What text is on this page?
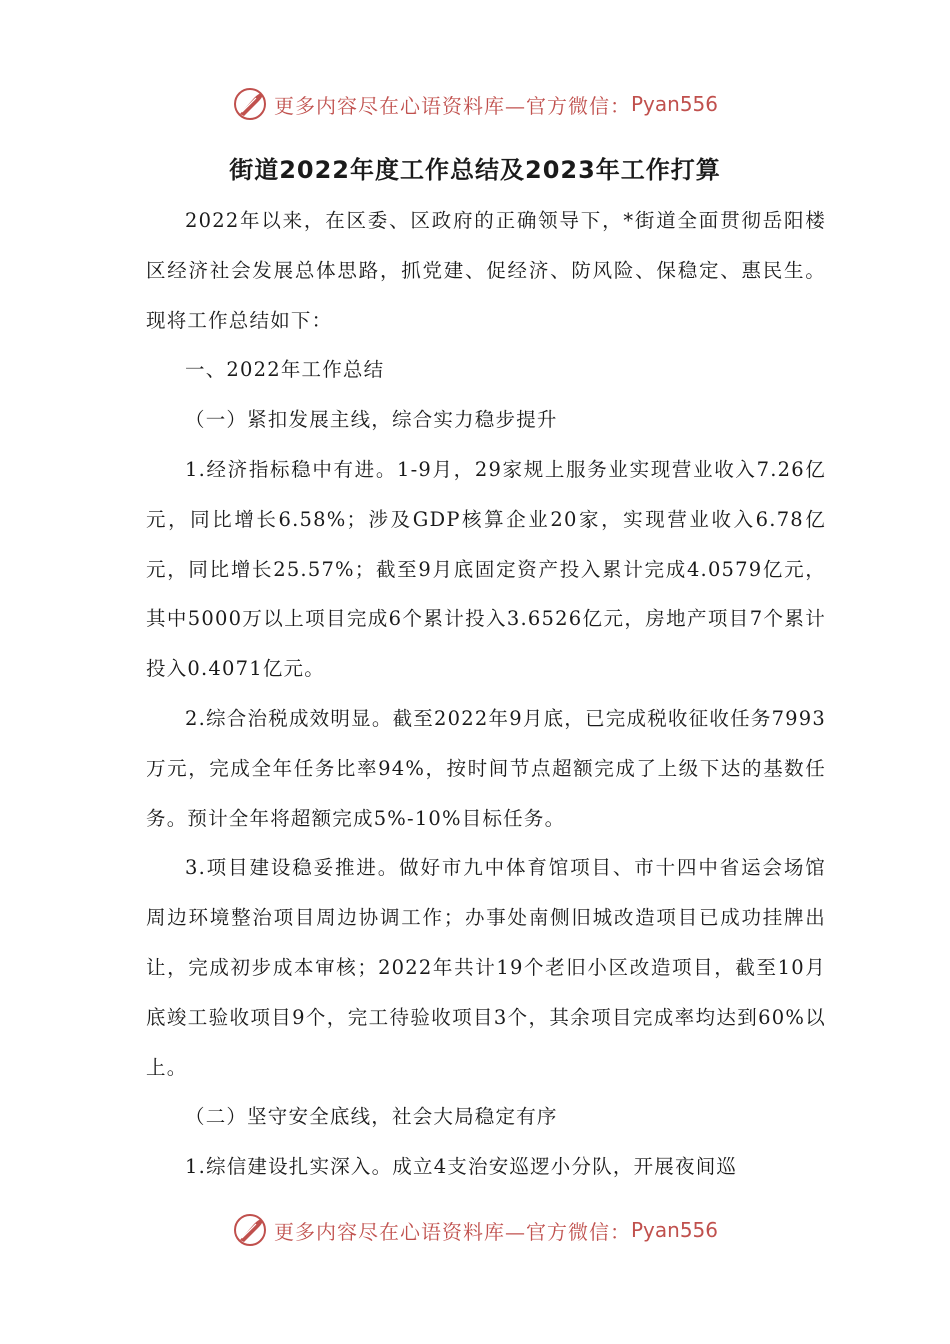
更多内容尽在心语资料库—官方微信： Pyan556
街道2022年度工作总结及2023年工作打算

2022年以来，在区委、区政府的正确领导下，*街道全面贯彻岳阳楼区经济社会发展总体思路，抓党建、促经济、防风险、保稳定、惠民生。现将工作总结如下：

一、2022年工作总结

（一）紧扣发展主线，综合实力稳步提升

1.经济指标稳中有进。1-9月，29家规上服务业实现营业收入7.26亿元，同比增长6.58%；涉及GDP核算企业20家，实现营业收入6.78亿元，同比增长25.57%；截至9月底固定资产投入累计完成4.0579亿元，其中5000万以上项目完成6个累计投入3.6526亿元，房地产项目7个累计投入0.4071亿元。

2.综合治税成效明显。截至2022年9月底，已完成税收征收任务7993万元，完成全年任务比率94%，按时间节点超额完成了上级下达的基数任务。预计全年将超额完成5%-10%目标任务。

3.项目建设稳妥推进。做好市九中体育馆项目、市十四中省运会场馆周边环境整治项目周边协调工作；办事处南侧旧城改造项目已成功挂牌出让，完成初步成本审核；2022年共计19个老旧小区改造项目，截至10月底竣工验收项目9个，完工待验收项目3个，其余项目完成率均达到60%以上。

（二）坚守安全底线，社会大局稳定有序

1.综信建设扎实深入。成立4支治安巡逻小分队，开展夜间巡

更多内容尽在心语资料库—官方微信： Pyan556
